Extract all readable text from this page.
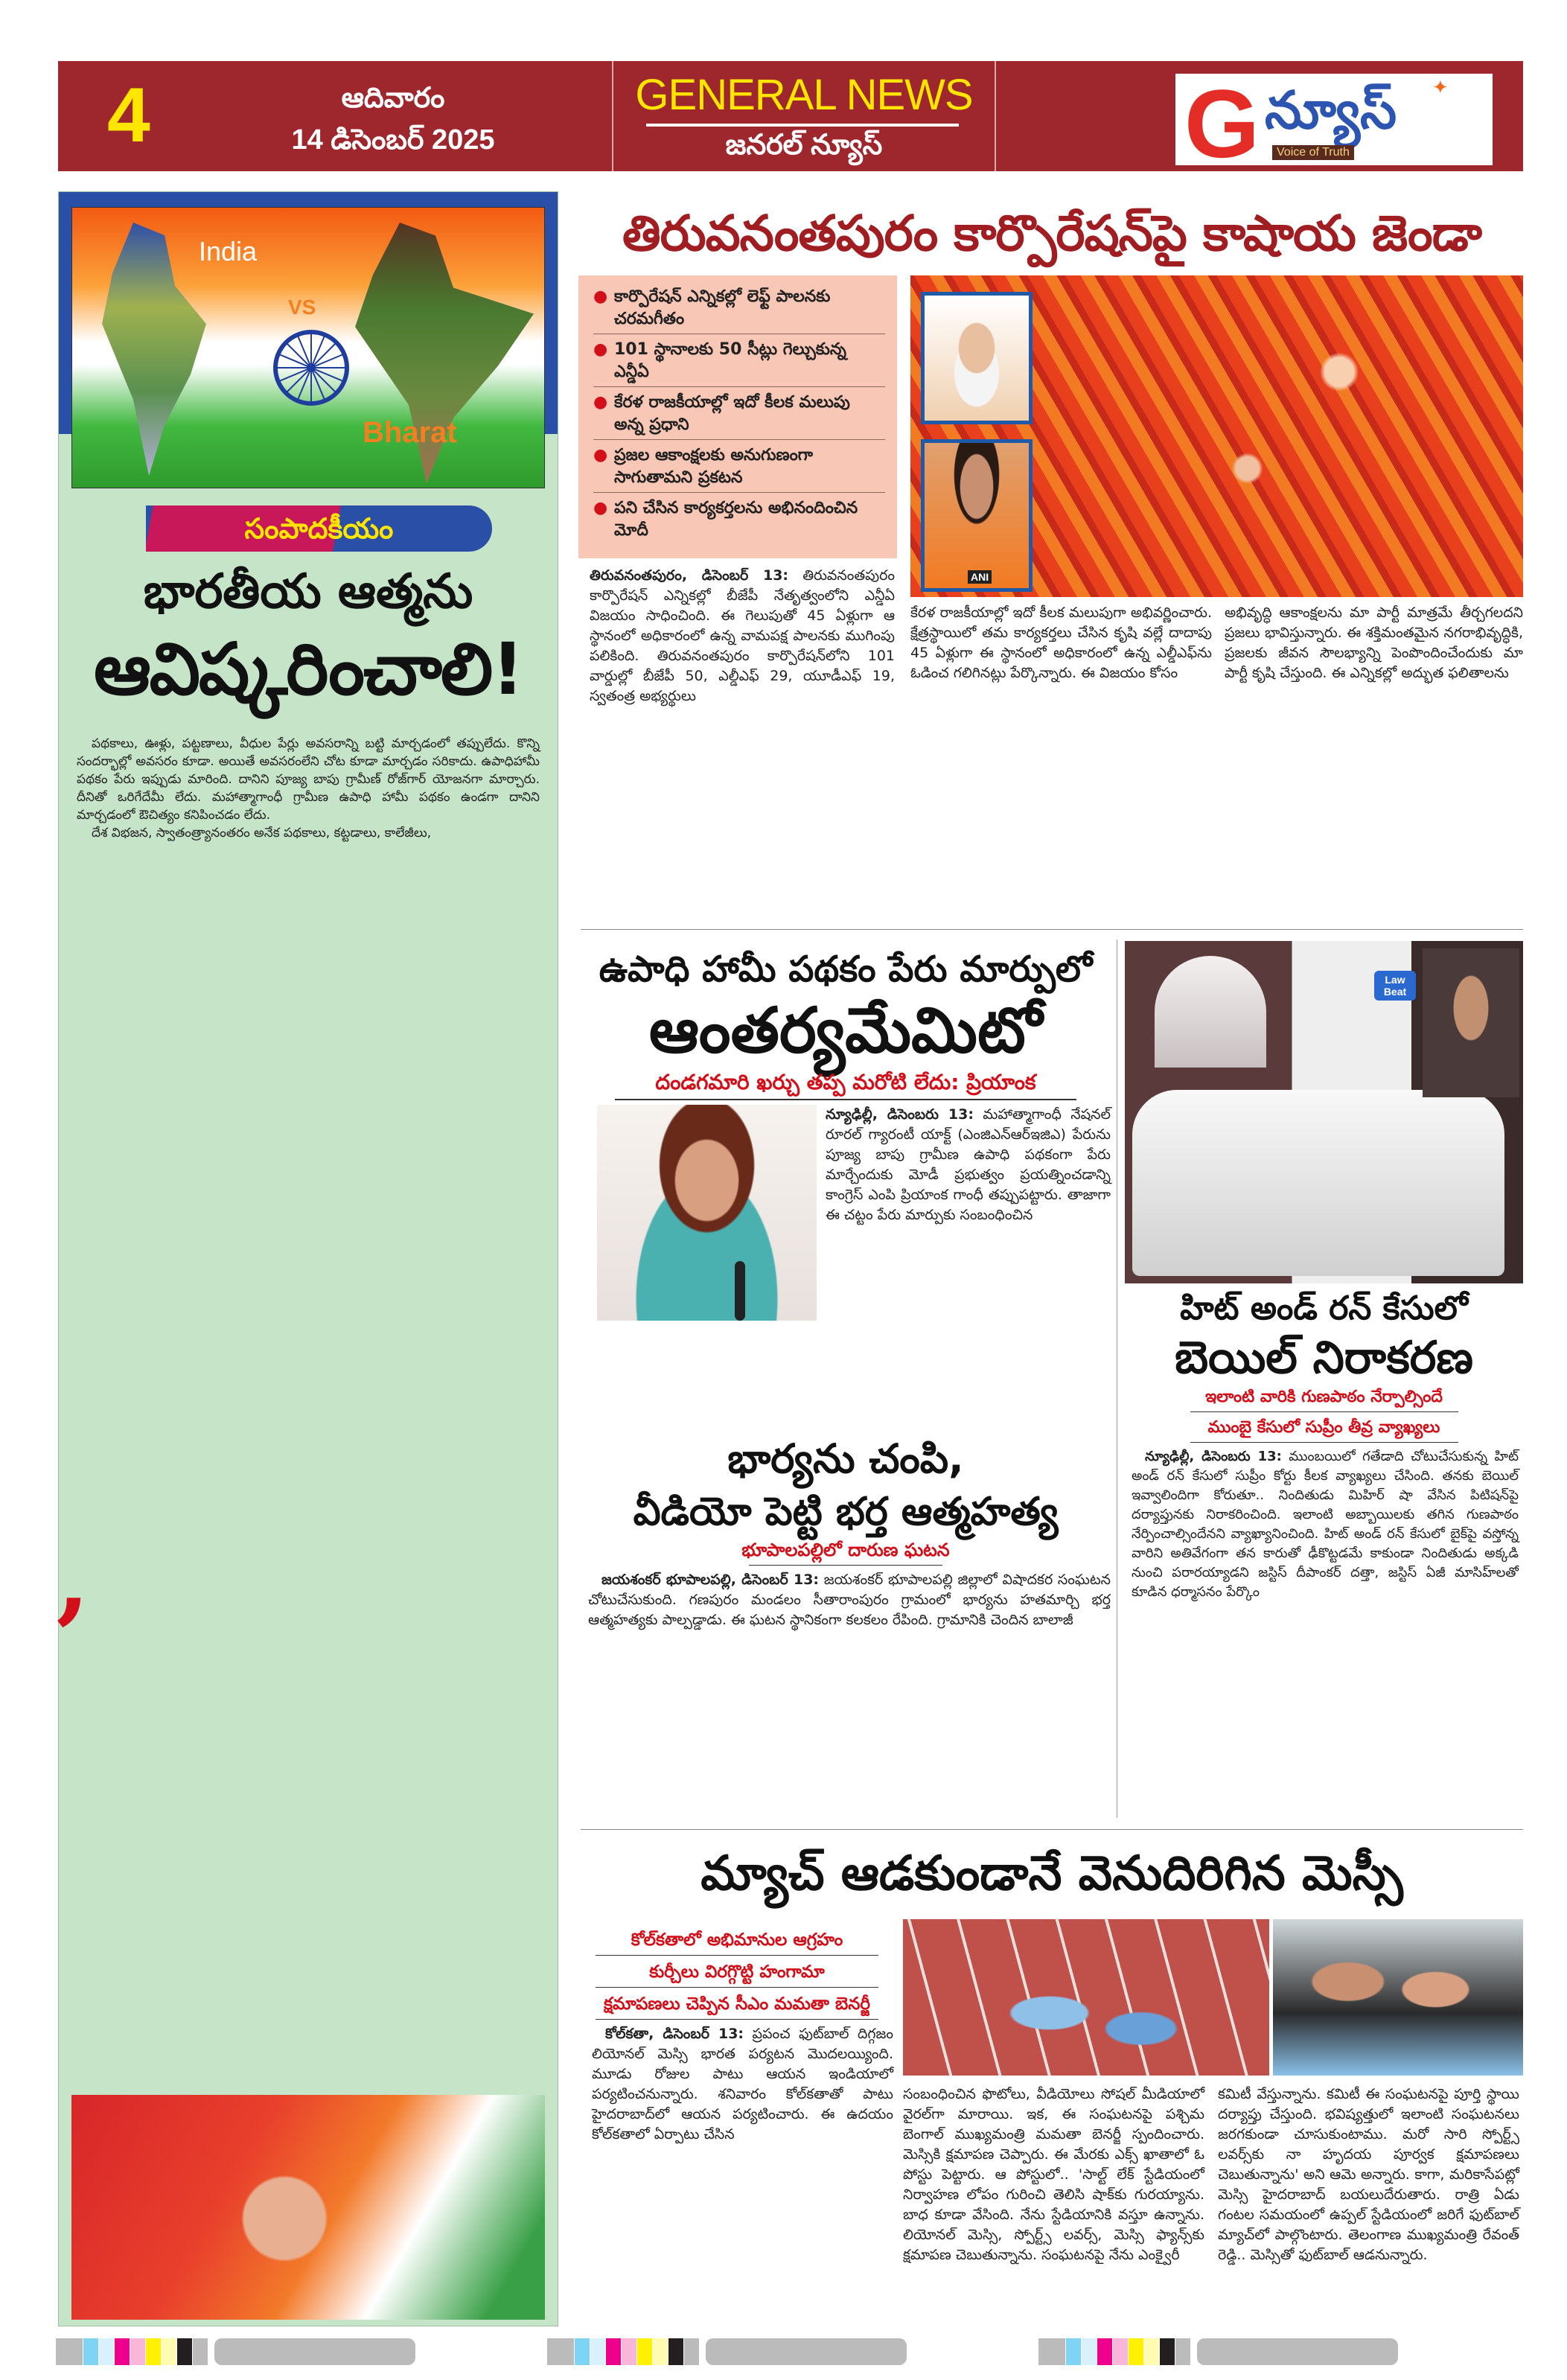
4	ఆదివారం
14 డిసెంబర్ 2025
GENERAL NEWS
జనరల్ న్యూస్	G న్యూస్ ✦
Voice of Truth
India
VS
Bharat
సంపాదకీయం
భారతీయ ఆత్మను
ఆవిష్కరించాలి!

పథకాలు, ఊళ్లు, పట్టణాలు, వీధుల పేర్లు అవసరాన్ని బట్టి మార్చడంలో తప్పులేదు. కొన్ని సందర్భాల్లో అవసరం కూడా. అయితే అవసరంలేని చోట కూడా మార్చడం సరికాదు. ఉపాధిహామీ పథకం పేరు ఇప్పుడు మారింది. దానిని పూజ్య బాపు గ్రామీణ్ రోజ్‌గార్ యోజనగా మార్చారు. దీనితో ఒరిగేదేమీ లేదు. మహాత్మాగాంధీ గ్రామీణ ఉపాధి హామీ పథకం ఉండగా దానిని మార్చడంలో ఔచిత్యం కనిపించడం లేదు.

దేశ విభజన, స్వాతంత్ర్యానంతరం అనేక పథకాలు, కట్టడాలు, కాలేజీలు,

‚
తిరువనంతపురం కార్పొరేషన్‌పై కాషాయ జెండా
● కార్పొరేషన్ ఎన్నికల్లో లెఫ్ట్ పాలనకు చరమగీతం
● 101 స్థానాలకు 50 సీట్లు గెల్చుకున్న ఎన్డీఏ
● కేరళ రాజకీయాల్లో ఇదో కీలక మలుపు అన్న ప్రధాని
● ప్రజల ఆకాంక్షలకు అనుగుణంగా సాగుతామని ప్రకటన
● పని చేసిన కార్యకర్తలను అభినందించిన మోదీ
తిరువనంతపురం, డిసెంబర్ 13: తిరువనంతపురం కార్పొరేషన్ ఎన్నికల్లో బీజేపీ నేతృత్వంలోని ఎన్డీఏ విజయం సాధించింది. ఈ గెలుపుతో 45 ఏళ్లుగా ఆ స్థానంలో అధికారంలో ఉన్న వామపక్ష పాలనకు ముగింపు పలికింది. తిరువనంతపురం కార్పొరేషన్‌లోని 101 వార్డుల్లో బీజేపీ 50, ఎల్డీఎఫ్ 29, యూడీఎఫ్ 19, స్వతంత్ర అభ్యర్థులు
ANI
కేరళ రాజకీయాల్లో ఇదో కీలక మలుపుగా అభివర్ణించారు. క్షేత్రస్థాయిలో తమ కార్యకర్తలు చేసిన కృషి వల్లే దాదాపు 45 ఏళ్లుగా ఈ స్థానంలో అధికారంలో ఉన్న ఎల్డీఎఫ్‌ను ఓడించ గలిగినట్లు పేర్కొన్నారు. ఈ విజయం కోసం
అభివృద్ధి ఆకాంక్షలను మా పార్టీ మాత్రమే తీర్చగలదని ప్రజలు భావిస్తున్నారు. ఈ శక్తిమంతమైన నగరాభివృద్ధికి, ప్రజలకు జీవన సౌలభ్యాన్ని పెంపొందించేందుకు మా పార్టీ కృషి చేస్తుంది. ఈ ఎన్నికల్లో అద్భుత ఫలితాలను
ఉపాధి హామీ పథకం పేరు మార్పులో
ఆంతర్యమేమిటో
దండగమారి ఖర్చు తప్ప మరోటి లేదు: ప్రియాంక
న్యూఢిల్లీ, డిసెంబరు 13: మహాత్మాగాంధీ నేషనల్ రూరల్ గ్యారంటీ యాక్ట్ (ఎంజిఎన్ఆర్ఇజిఎ) పేరును పూజ్య బాపు గ్రామీణ ఉపాధి పథకంగా పేరు మార్చేందుకు మోడీ ప్రభుత్వం ప్రయత్నించడాన్ని కాంగ్రెస్ ఎంపి ప్రియాంక గాంధీ తప్పుపట్టారు. తాజాగా ఈ చట్టం పేరు మార్పుకు సంబంధించిన
భార్యను చంపి,
వీడియో పెట్టి భర్త ఆత్మహత్య
భూపాలపల్లిలో దారుణ ఘటన
జయశంకర్ భూపాలపల్లి, డిసెంబర్ 13: జయశంకర్ భూపాలపల్లి జిల్లాలో విషాదకర సంఘటన చోటుచేసుకుంది. గణపురం మండలం సీతారాంపురం గ్రామంలో భార్యను హతమార్చి భర్త ఆత్మహత్యకు పాల్పడ్డాడు. ఈ ఘటన స్థానికంగా కలకలం రేపింది. గ్రామానికి చెందిన బాలాజీ
Law Beat
హిట్ అండ్ రన్ కేసులో
బెయిల్ నిరాకరణ
ఇలాంటి వారికి గుణపాఠం నేర్పాల్సిందే
ముంబై కేసులో సుప్రీం తీవ్ర వ్యాఖ్యలు
న్యూఢిల్లీ, డిసెంబరు 13: ముంబయిలో గతేడాది చోటుచేసుకున్న హిట్ అండ్ రన్ కేసులో సుప్రీం కోర్టు కీలక వ్యాఖ్యలు చేసింది. తనకు బెయిల్ ఇవ్వాలిందిగా కోరుతూ.. నిందితుడు మిహిర్ షా వేసిన పిటిషన్‌పై దర్యాప్తునకు నిరాకరించింది. ఇలాంటి అబ్బాయిలకు తగిన గుణపాఠం నేర్పించాల్సిందేనని వ్యాఖ్యానించింది. హిట్ అండ్ రన్ కేసులో బైక్‌పై వస్తోన్న వారిని అతివేగంగా తన కారుతో ఢీకొట్టడమే కాకుండా నిందితుడు అక్కడి నుంచి పరారయ్యాడని జస్టిస్ దీపాంకర్ దత్తా, జస్టిస్ ఏజీ మాసిహ్‌లతో కూడిన ధర్మాసనం పేర్కొం
మ్యాచ్ ఆడకుండానే వెనుదిరిగిన మెస్సీ
కోల్‌కతాలో అభిమానుల ఆగ్రహం
కుర్చీలు విరగ్గొట్టి హంగామా
క్షమాపణలు చెప్పిన సీఎం మమతా బెనర్జీ
కోల్‌కతా, డిసెంబర్ 13: ప్రపంచ ఫుట్‌బాల్ దిగ్గజం లియోనల్ మెస్సి భారత పర్యటన మొదలయ్యింది. మూడు రోజుల పాటు ఆయన ఇండియాలో పర్యటించనున్నారు. శనివారం కోల్‌కతాతో పాటు హైదరాబాద్‌లో ఆయన పర్యటించారు. ఈ ఉదయం కోల్‌కతాలో ఏర్పాటు చేసిన
సంబంధించిన ఫొటోలు, వీడియోలు సోషల్ మీడియాలో వైరల్‌గా మారాయి. ఇక, ఈ సంఘటనపై పశ్చిమ బెంగాల్ ముఖ్యమంత్రి మమతా బెనర్జీ స్పందించారు. మెస్సికి క్షమాపణ చెప్పారు. ఈ మేరకు ఎక్స్ ఖాతాలో ఓ పోస్టు పెట్టారు. ఆ పోస్టులో.. 'సాల్ట్ లేక్ స్టేడియంలో నిర్వాహణ లోపం గురించి తెలిసి షాక్‌కు గురయ్యాను. బాధ కూడా వేసింది. నేను స్టేడియానికి వస్తూ ఉన్నాను. లియోనల్ మెస్సి, స్పోర్ట్స్ లవర్స్, మెస్సి ఫ్యాన్స్‌కు క్షమాపణ చెబుతున్నాను. సంఘటనపై నేను ఎంక్వైరీ
కమిటీ వేస్తున్నాను. కమిటీ ఈ సంఘటనపై పూర్తి స్థాయి దర్యాప్తు చేస్తుంది. భవిష్యత్తులో ఇలాంటి సంఘటనలు జరగకుండా చూసుకుంటాము. మరో సారి స్పోర్ట్స్ లవర్స్‌కు నా హృదయ పూర్వక క్షమాపణలు చెబుతున్నాను' అని ఆమె అన్నారు. కాగా, మరికాసేపట్లో మెస్సి హైదరాబాద్ బయలుదేరుతారు. రాత్రి ఏడు గంటల సమయంలో ఉప్పల్ స్టేడియంలో జరిగే ఫుట్‌బాల్ మ్యాచ్‌లో పాల్గొంటారు. తెలంగాణ ముఖ్యమంత్రి రేవంత్ రెడ్డి.. మెస్సితో ఫుట్‌బాల్ ఆడనున్నారు.
